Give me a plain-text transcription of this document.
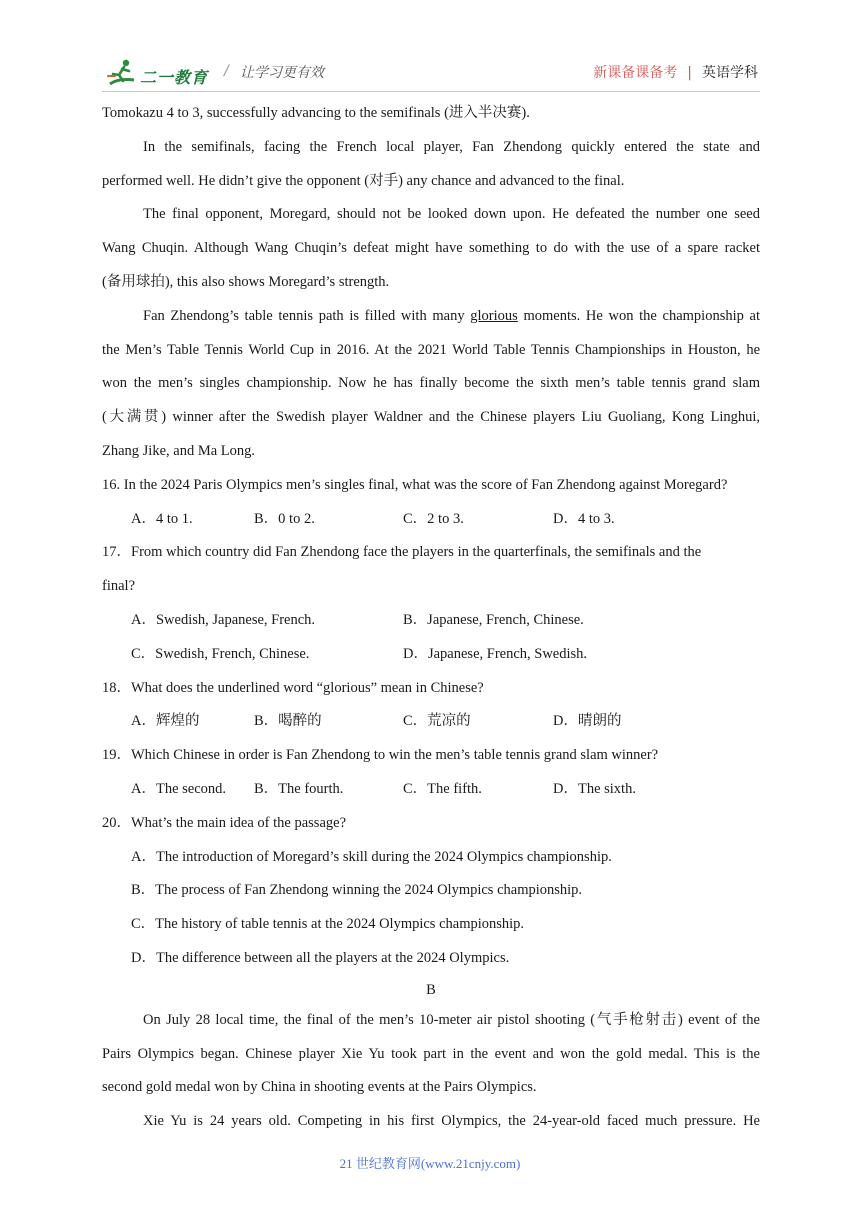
二一教育 / 让学习更有效	新课备课备考 | 英语学科
Tomokazu 4 to 3, successfully advancing to the semifinals (进入半决赛).
In the semifinals, facing the French local player, Fan Zhendong quickly entered the state and
performed well. He didn’t give the opponent (对手) any chance and advanced to the final.
The final opponent, Moregard, should not be looked down upon. He defeated the number one seed
Wang Chuqin. Although Wang Chuqin’s defeat might have something to do with the use of a spare racket
(备用球拍), this also shows Moregard’s strength.
Fan Zhendong’s table tennis path is filled with many glorious moments. He won the championship at
the Men’s Table Tennis World Cup in 2016. At the 2021 World Table Tennis Championships in Houston, he
won the men’s singles championship. Now he has finally become the sixth men’s table tennis grand slam
(大满贯) winner after the Swedish player Waldner and the Chinese players Liu Guoliang, Kong Linghui,
Zhang Jike, and Ma Long.
16. In the 2024 Paris Olympics men’s singles final, what was the score of Fan Zhendong against Moregard?
A．4 to 1.	B．0 to 2.	C．2 to 3.	D．4 to 3.
17．From which country did Fan Zhendong face the players in the quarterfinals, the semifinals and the
final?
A．Swedish, Japanese, French.	B．Japanese, French, Chinese.
C．Swedish, French, Chinese.	D．Japanese, French, Swedish.
18．What does the underlined word “glorious” mean in Chinese?
A．辉煌的	B．喝醉的	C．荒凉的	D．晴朗的
19．Which Chinese in order is Fan Zhendong to win the men’s table tennis grand slam winner?
A．The second. B．The fourth.	C．The fifth.	D．The sixth.
20．What’s the main idea of the passage?
A．The introduction of Moregard’s skill during the 2024 Olympics championship.
B．The process of Fan Zhendong winning the 2024 Olympics championship.
C．The history of table tennis at the 2024 Olympics championship.
D．The difference between all the players at the 2024 Olympics.
B
On July 28 local time, the final of the men’s 10-meter air pistol shooting (气手枪射击) event of the
Pairs Olympics began. Chinese player Xie Yu took part in the event and won the gold medal. This is the
second gold medal won by China in shooting events at the Pairs Olympics.
Xie Yu is 24 years old. Competing in his first Olympics, the 24-year-old faced much pressure. He
21 世纪教育网(www.21cnjy.com)
